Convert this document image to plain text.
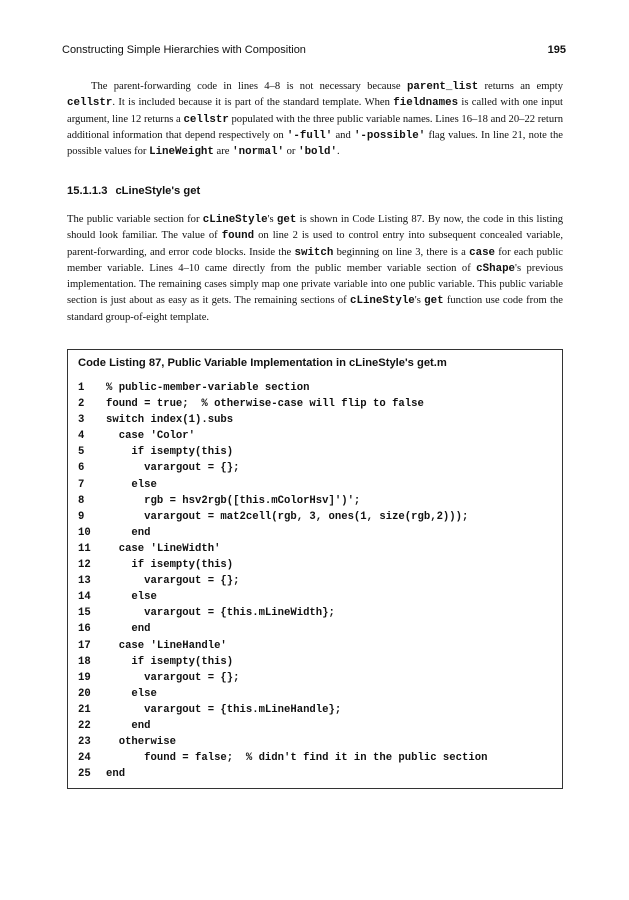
Constructing Simple Hierarchies with Composition	195
The parent-forwarding code in lines 4–8 is not necessary because parent_list returns an empty cellstr. It is included because it is part of the standard template. When fieldnames is called with one input argument, line 12 returns a cellstr populated with the three public variable names. Lines 16–18 and 20–22 return additional information that depend respectively on '-full' and '-possible' flag values. In line 21, note the possible values for LineWeight are 'normal' or 'bold'.
15.1.1.3 cLineStyle's get
The public variable section for cLineStyle's get is shown in Code Listing 87. By now, the code in this listing should look familiar. The value of found on line 2 is used to control entry into subsequent concealed variable, parent-forwarding, and error code blocks. Inside the switch beginning on line 3, there is a case for each public member variable. Lines 4–10 came directly from the public member variable section of cShape's previous implementation. The remaining cases simply map one private variable into one public variable. This public variable section is just about as easy as it gets. The remaining sections of cLineStyle's get function use code from the standard group-of-eight template.
Code Listing 87, Public Variable Implementation in cLineStyle's get.m
1 % public-member-variable section
2 found = true;  % otherwise-case will flip to false
3 switch index(1).subs
4  case 'Color'
5    if isempty(this)
6      varargout = {};
7    else
8      rgb = hsv2rgb([this.mColorHsv]')';
9      varargout = mat2cell(rgb, 3, ones(1, size(rgb,2)));
10    end
11  case 'LineWidth'
12    if isempty(this)
13      varargout = {};
14    else
15      varargout = {this.mLineWidth};
16    end
17  case 'LineHandle'
18    if isempty(this)
19      varargout = {};
20    else
21      varargout = {this.mLineHandle};
22    end
23  otherwise
24      found = false;  % didn't find it in the public section
25 end
